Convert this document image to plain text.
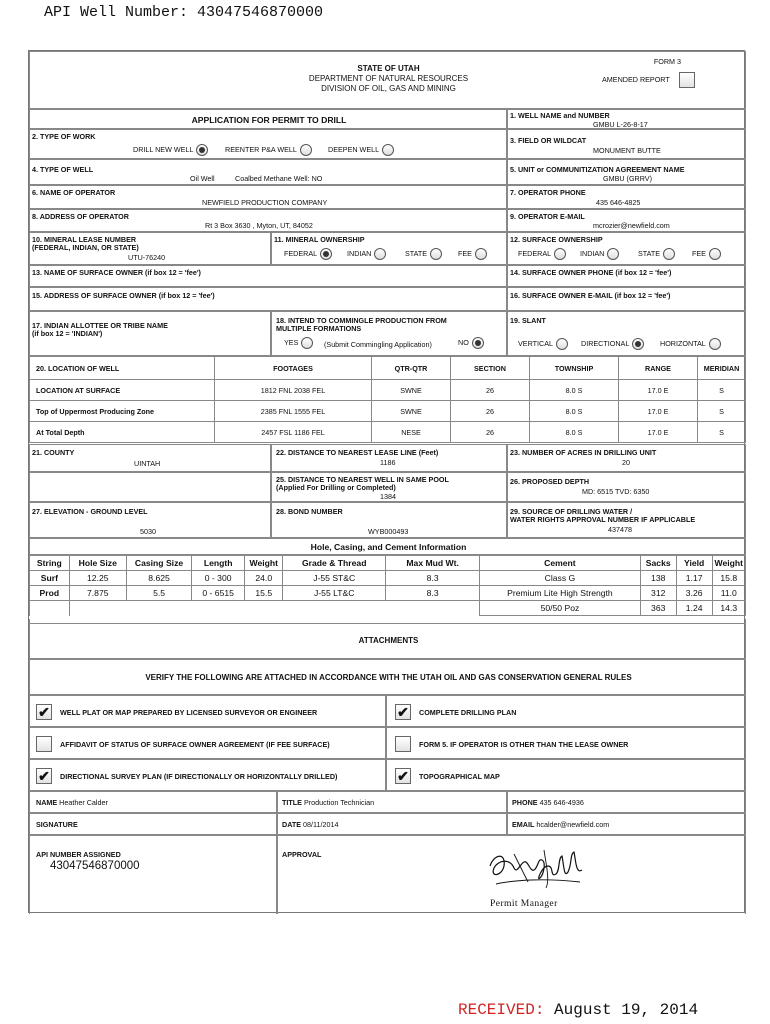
API Well Number: 43047546870000
FORM 3
STATE OF UTAH
DEPARTMENT OF NATURAL RESOURCES
DIVISION OF OIL, GAS AND MINING
AMENDED REPORT
APPLICATION FOR PERMIT TO DRILL	1. WELL NAME and NUMBER
GMBU L-26-8-17
2. TYPE OF WORK
DRILL NEW WELL	REENTER P&A WELL	DEEPEN WELL
3. FIELD OR WILDCAT
MONUMENT BUTTE
4. TYPE OF WELL
Oil Well	Coalbed Methane Well: NO
5. UNIT or COMMUNITIZATION AGREEMENT NAME
GMBU (GRRV)
6. NAME OF OPERATOR
NEWFIELD PRODUCTION COMPANY
7. OPERATOR PHONE
435 646-4825
8. ADDRESS OF OPERATOR
Rt 3 Box 3630 , Myton, UT, 84052
9. OPERATOR E-MAIL
mcrozier@newfield.com
10. MINERAL LEASE NUMBER
(FEDERAL, INDIAN, OR STATE)
UTU-76240
11. MINERAL OWNERSHIP
FEDERAL	INDIAN	STATE	FEE
12. SURFACE OWNERSHIP
FEDERAL	INDIAN	STATE	FEE
13. NAME OF SURFACE OWNER (if box 12 = 'fee')	14. SURFACE OWNER PHONE (if box 12 = 'fee')
15. ADDRESS OF SURFACE OWNER (if box 12 = 'fee')	16. SURFACE OWNER E-MAIL (if box 12 = 'fee')
17. INDIAN ALLOTTEE OR TRIBE NAME
(if box 12 = 'INDIAN')
18. INTEND TO COMMINGLE PRODUCTION FROM
MULTIPLE FORMATIONS
YES	(Submit Commingling Application)	NO
19. SLANT
VERTICAL	DIRECTIONAL	HORIZONTAL
20. LOCATION OF WELL	FOOTAGES	QTR-QTR	SECTION	TOWNSHIP	RANGE	MERIDIAN
LOCATION AT SURFACE	1812 FNL 2038 FEL	SWNE	26	8.0 S	17.0 E	S
Top of Uppermost Producing Zone	2385 FNL 1555 FEL	SWNE	26	8.0 S	17.0 E	S
At Total Depth	2457 FSL 1186 FEL	NESE	26	8.0 S	17.0 E	S
21. COUNTY
UINTAH
22. DISTANCE TO NEAREST LEASE LINE (Feet)
1186
23. NUMBER OF ACRES IN DRILLING UNIT
20
25. DISTANCE TO NEAREST WELL IN SAME POOL
(Applied For Drilling or Completed)
1384
26. PROPOSED DEPTH
MD: 6515 TVD: 6350
27. ELEVATION - GROUND LEVEL
5030
28. BOND NUMBER
WYB000493
29. SOURCE OF DRILLING WATER /
WATER RIGHTS APPROVAL NUMBER IF APPLICABLE
437478
Hole, Casing, and Cement Information
String	Hole Size	Casing Size	Length	Weight	Grade & Thread	Max Mud Wt.	Cement	Sacks	Yield	Weight
Surf	12.25	8.625	0 - 300	24.0	J-55 ST&C	8.3	Class G	138	1.17	15.8
Prod	7.875	5.5	0 - 6515	15.5	J-55 LT&C	8.3	Premium Lite High Strength	312	3.26	11.0
							50/50 Poz	363	1.24	14.3
ATTACHMENTS
VERIFY THE FOLLOWING ARE ATTACHED IN ACCORDANCE WITH THE UTAH OIL AND GAS CONSERVATION GENERAL RULES
✔ WELL PLAT OR MAP PREPARED BY LICENSED SURVEYOR OR ENGINEER	✔ COMPLETE DRILLING PLAN
AFFIDAVIT OF STATUS OF SURFACE OWNER AGREEMENT (IF FEE SURFACE)	FORM 5. IF OPERATOR IS OTHER THAN THE LEASE OWNER
✔ DIRECTIONAL SURVEY PLAN (IF DIRECTIONALLY OR HORIZONTALLY DRILLED)	✔ TOPOGRAPHICAL MAP
NAME Heather Calder	TITLE Production Technician	PHONE 435 646-4936
SIGNATURE	DATE 08/11/2014	EMAIL hcalder@newfield.com
API NUMBER ASSIGNED
43047546870000
APPROVAL
Permit Manager
RECEIVED: August 19, 2014
